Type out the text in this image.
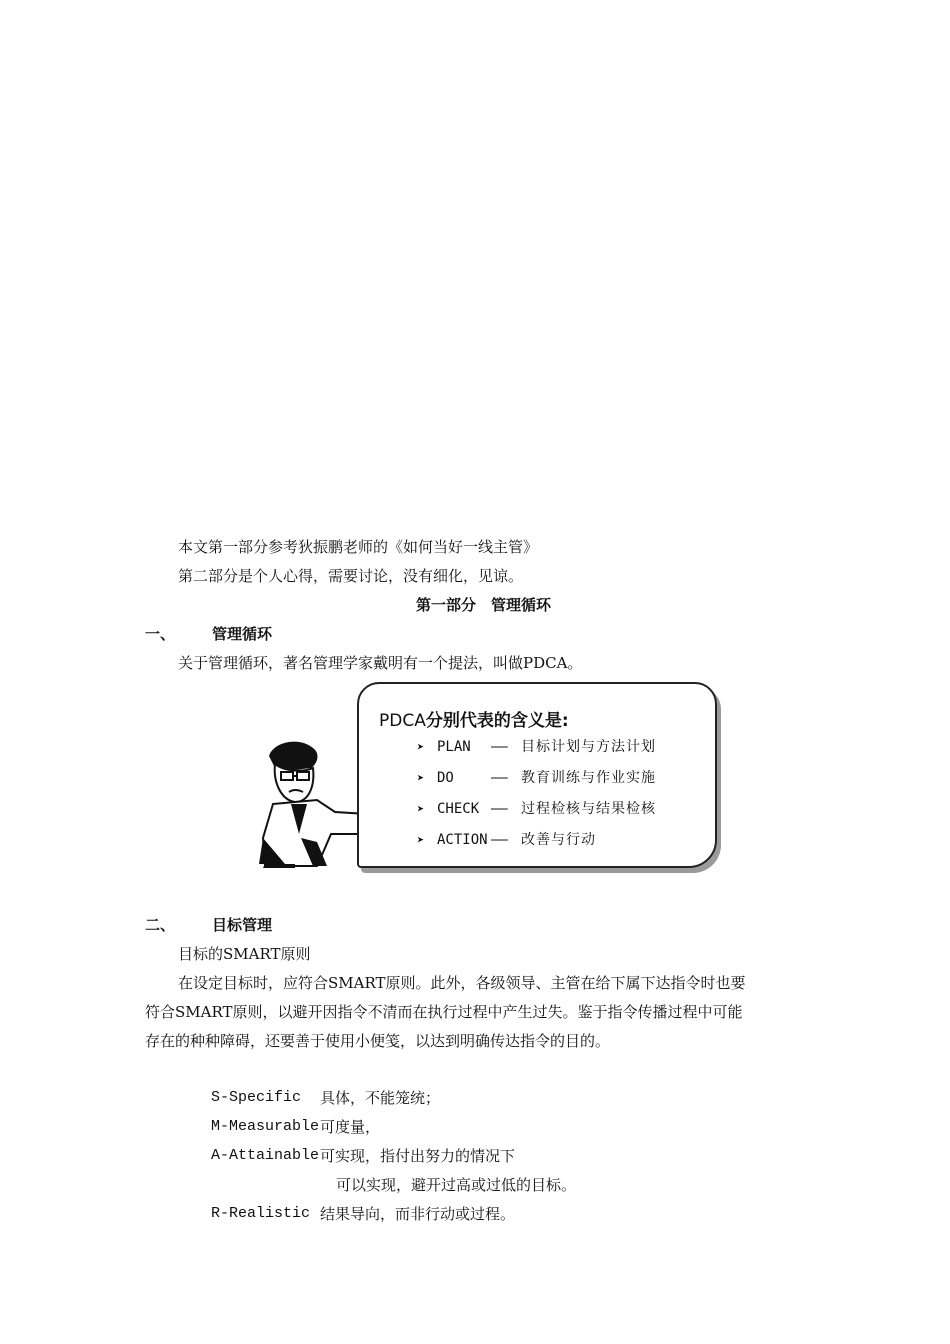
本文第一部分参考狄振鹏老师的《如何当好一线主管》
第二部分是个人心得，需要讨论，没有细化，见谅。
第一部分　管理循环
一、 管理循环
关于管理循环，著名管理学家戴明有一个提法，叫做PDCA。
PDCA分别代表的含义是:
➤ PLAN —— 目标计划与方法计划
➤ DO	—— 教育训练与作业实施
➤ CHECK —— 过程检核与结果检核
➤ ACTION —— 改善与行动
二、 目标管理
目标的SMART原则
在设定目标时，应符合SMART原则。此外，各级领导、主管在给下属下达指令时也要
符合SMART原则，以避开因指令不清而在执行过程中产生过失。鉴于指令传播过程中可能
存在的种种障碍，还要善于使用小便笺，以达到明确传达指令的目的。
S-Specific 具体，不能笼统；
M-Measurable 可度量，
A-Attainable 可实现，指付出努力的情况下
可以实现，避开过高或过低的目标。
R-Realistic 结果导向，而非行动或过程。
